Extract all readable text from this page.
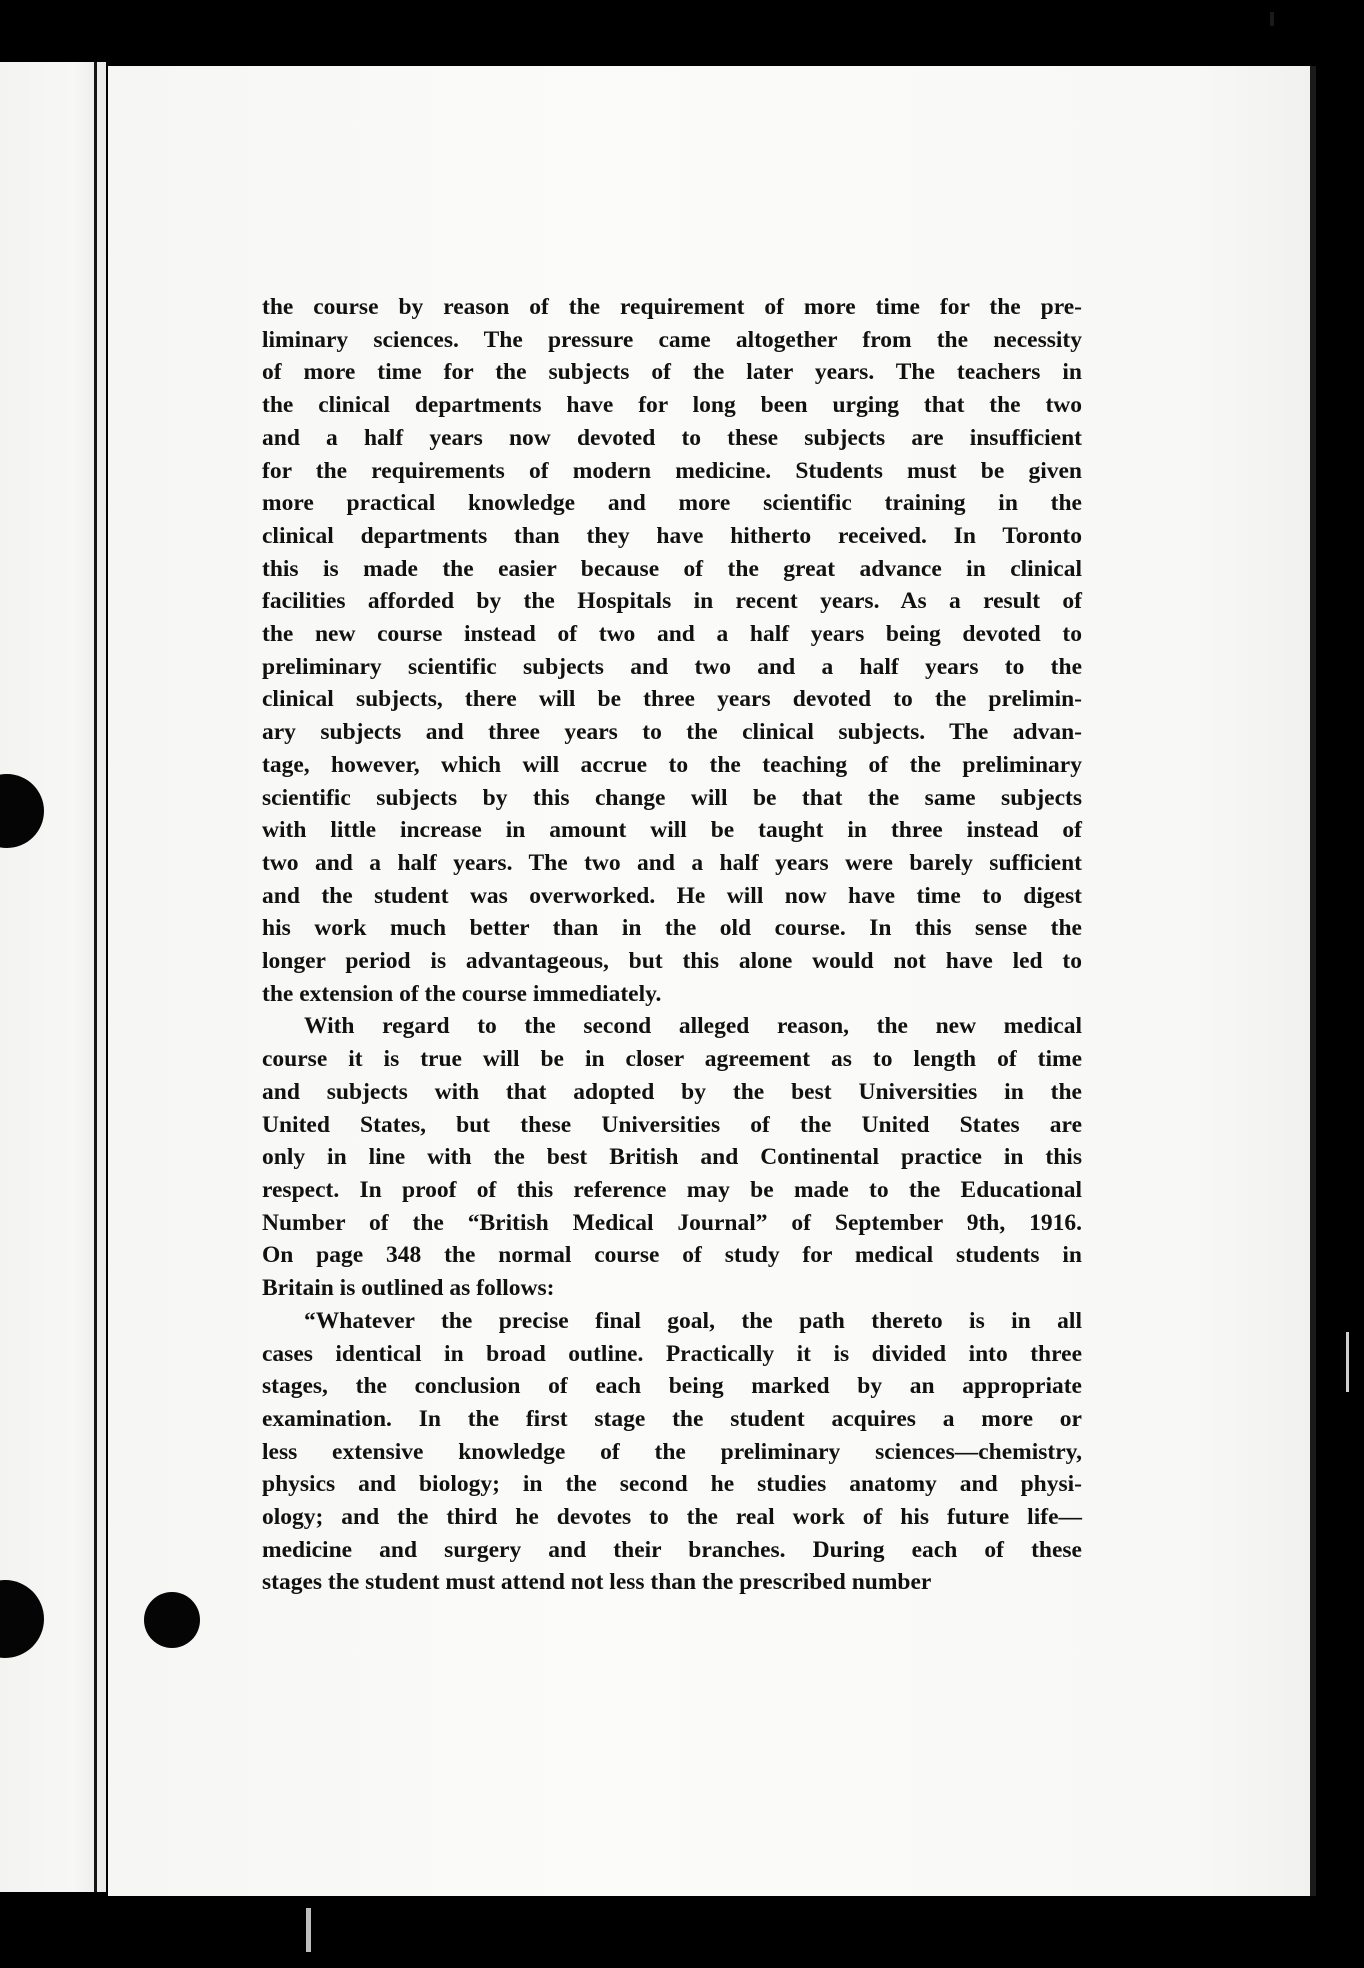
the course by reason of the requirement of more time for the pre-
liminary sciences. The pressure came altogether from the necessity
of more time for the subjects of the later years. The teachers in
the clinical departments have for long been urging that the two
and a half years now devoted to these subjects are insufficient
for the requirements of modern medicine. Students must be given
more practical knowledge and more scientific training in the
clinical departments than they have hitherto received. In Toronto
this is made the easier because of the great advance in clinical
facilities afforded by the Hospitals in recent years. As a result of
the new course instead of two and a half years being devoted to
preliminary scientific subjects and two and a half years to the
clinical subjects, there will be three years devoted to the prelimin-
ary subjects and three years to the clinical subjects. The advan-
tage, however, which will accrue to the teaching of the preliminary
scientific subjects by this change will be that the same subjects
with little increase in amount will be taught in three instead of
two and a half years. The two and a half years were barely sufficient
and the student was overworked. He will now have time to digest
his work much better than in the old course. In this sense the
longer period is advantageous, but this alone would not have led to
the extension of the course immediately.

With regard to the second alleged reason, the new medical
course it is true will be in closer agreement as to length of time
and subjects with that adopted by the best Universities in the
United States, but these Universities of the United States are
only in line with the best British and Continental practice in this
respect. In proof of this reference may be made to the Educational
Number of the “British Medical Journal” of September 9th, 1916.
On page 348 the normal course of study for medical students in
Britain is outlined as follows:

“Whatever the precise final goal, the path thereto is in all
cases identical in broad outline. Practically it is divided into three
stages, the conclusion of each being marked by an appropriate
examination. In the first stage the student acquires a more or
less extensive knowledge of the preliminary sciences—chemistry,
physics and biology; in the second he studies anatomy and physi-
ology; and the third he devotes to the real work of his future life—
medicine and surgery and their branches. During each of these
stages the student must attend not less than the prescribed number
